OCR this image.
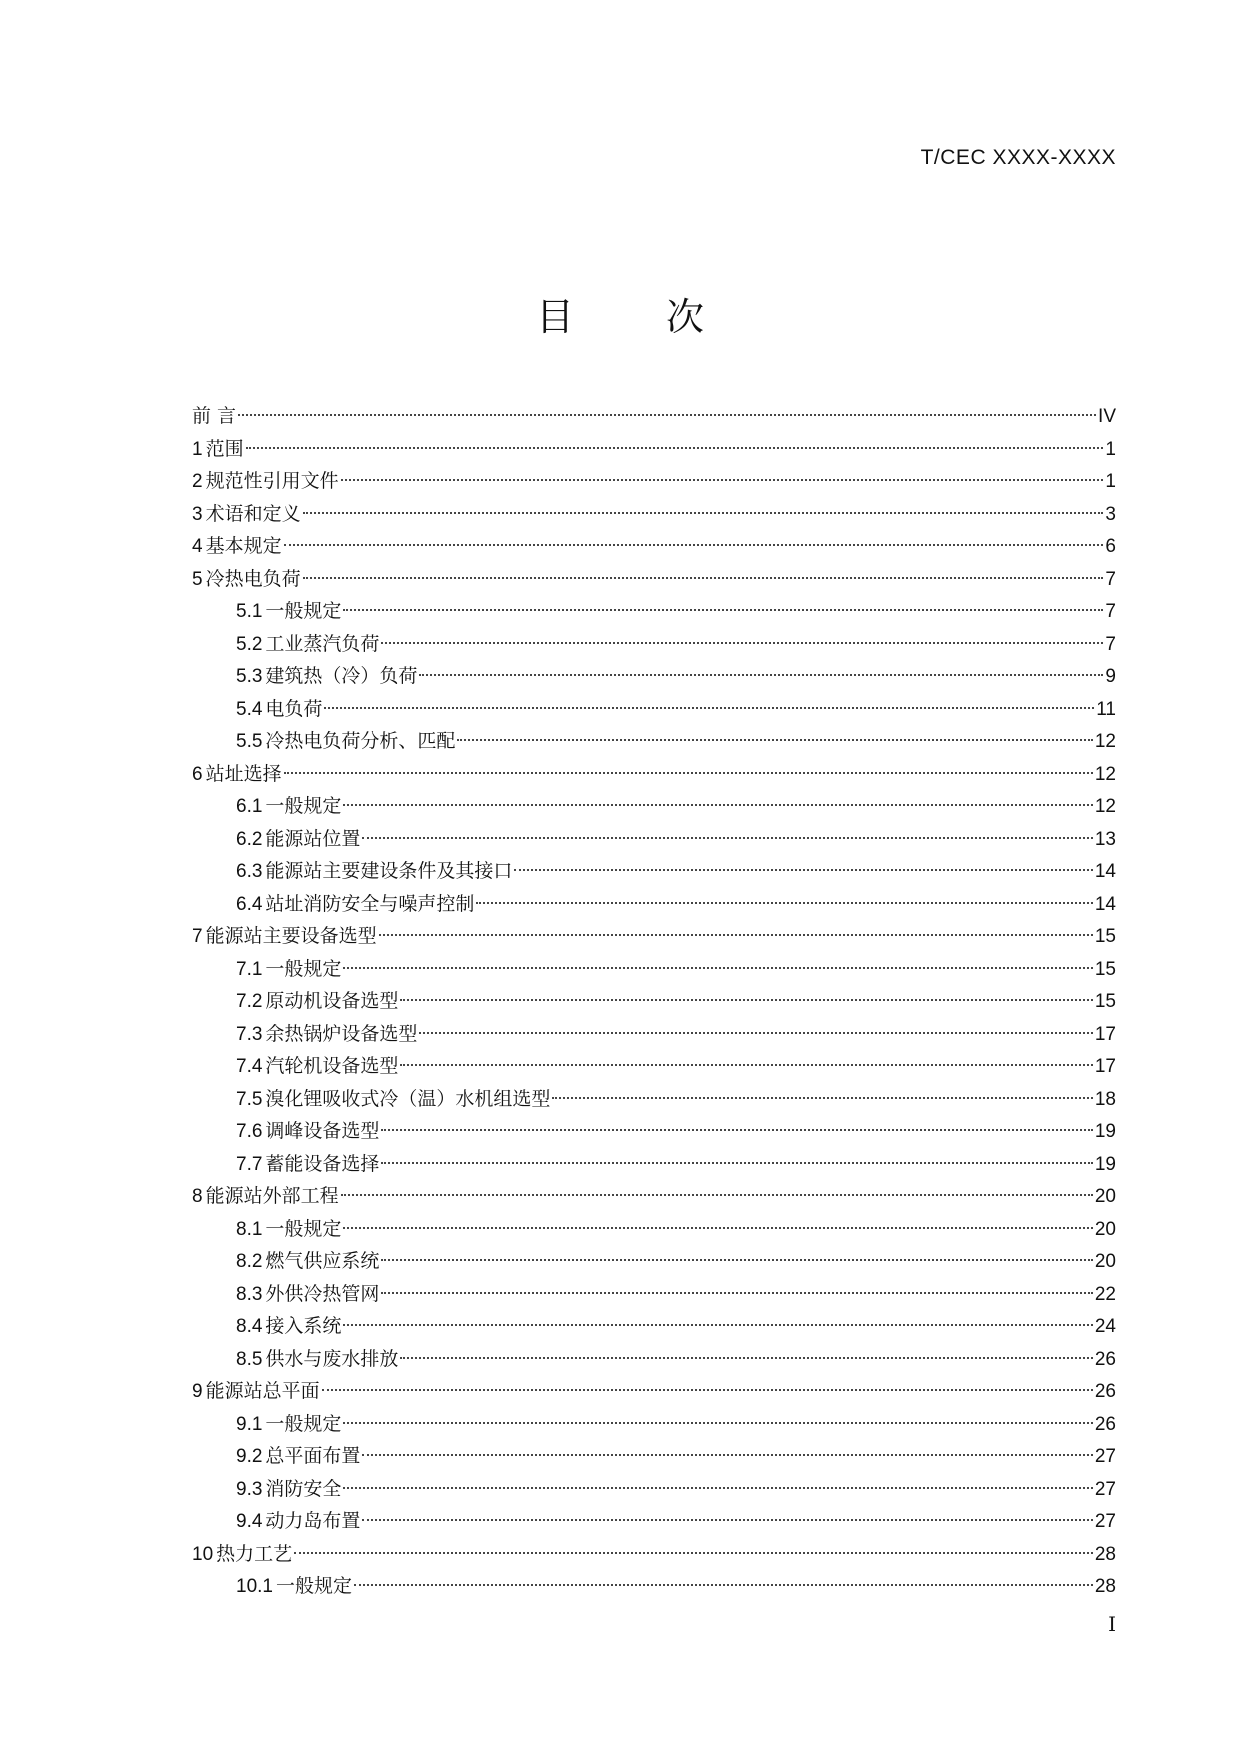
T/CEC XXXX-XXXX
目 次
前 言	IV
1 范围	1
2 规范性引用文件	1
3 术语和定义	3
4 基本规定	6
5 冷热电负荷	7
5.1 一般规定	7
5.2 工业蒸汽负荷	7
5.3 建筑热（冷）负荷	9
5.4 电负荷	11
5.5 冷热电负荷分析、匹配	12
6 站址选择	12
6.1 一般规定	12
6.2 能源站位置	13
6.3 能源站主要建设条件及其接口	14
6.4 站址消防安全与噪声控制	14
7 能源站主要设备选型	15
7.1 一般规定	15
7.2 原动机设备选型	15
7.3 余热锅炉设备选型	17
7.4 汽轮机设备选型	17
7.5 溴化锂吸收式冷（温）水机组选型	18
7.6 调峰设备选型	19
7.7 蓄能设备选择	19
8 能源站外部工程	20
8.1 一般规定	20
8.2 燃气供应系统	20
8.3 外供冷热管网	22
8.4 接入系统	24
8.5 供水与废水排放	26
9 能源站总平面	26
9.1 一般规定	26
9.2 总平面布置	27
9.3 消防安全	27
9.4 动力岛布置	27
10 热力工艺	28
10.1 一般规定	28
I
